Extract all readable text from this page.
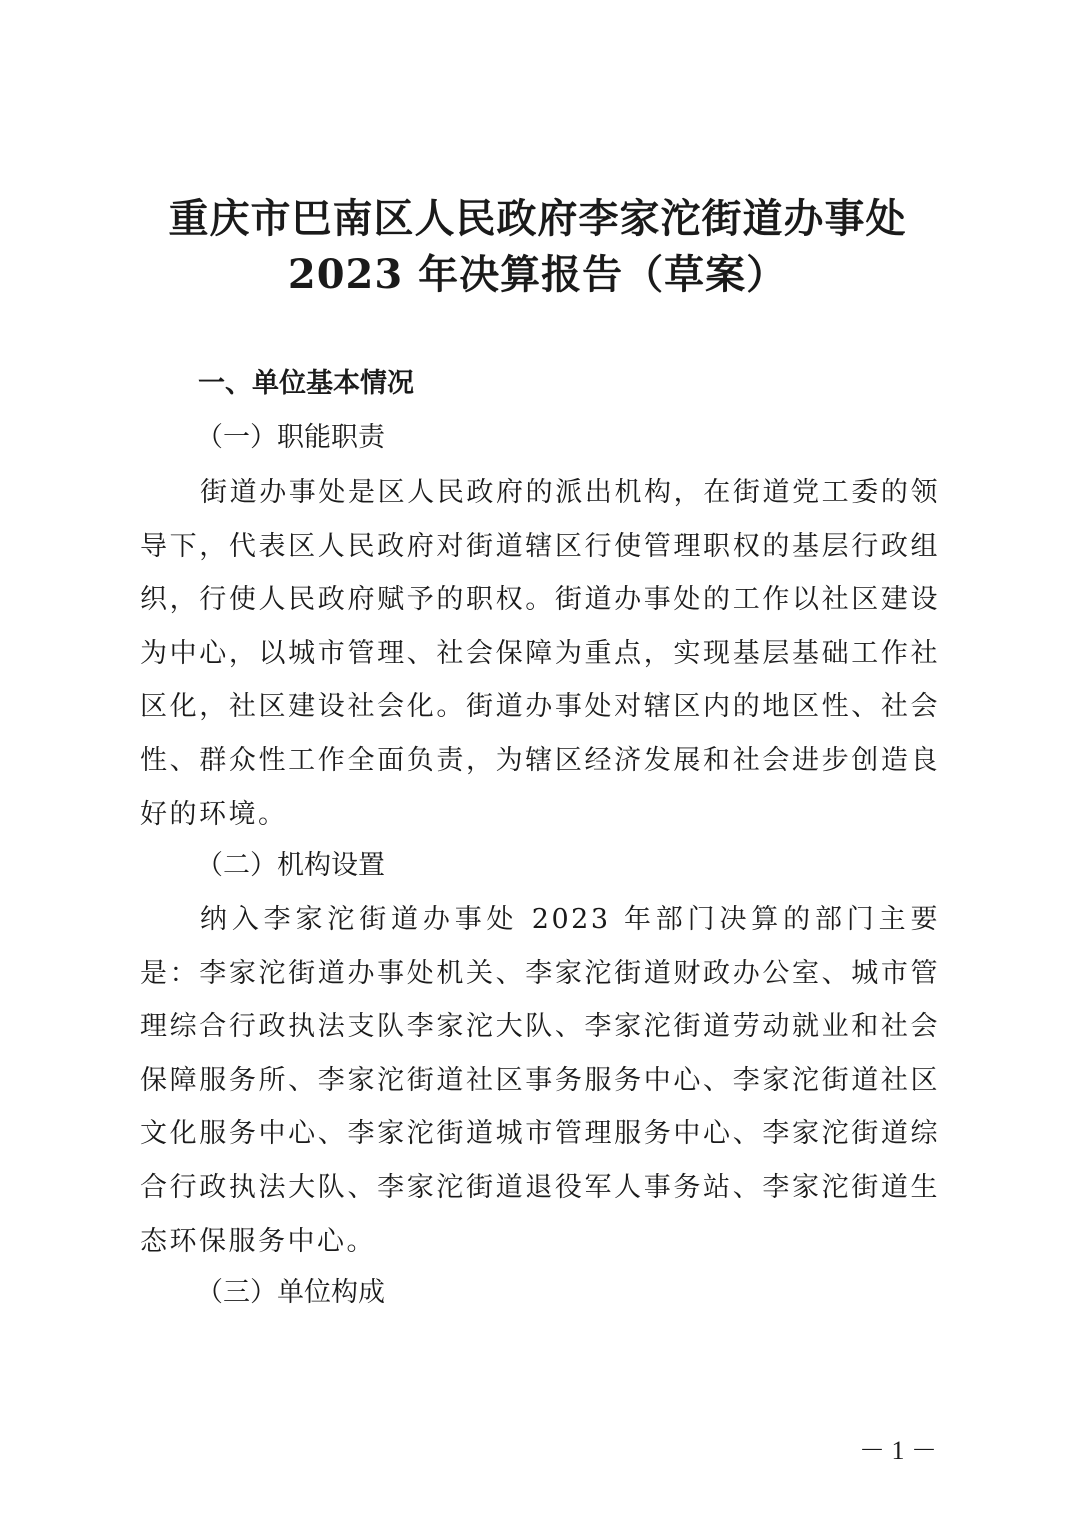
重庆市巴南区人民政府李家沱街道办事处
2023 年决算报告（草案）
一、单位基本情况
（一）职能职责

街道办事处是区人民政府的派出机构，在街道党工委的领导下，代表区人民政府对街道辖区行使管理职权的基层行政组织，行使人民政府赋予的职权。街道办事处的工作以社区建设为中心，以城市管理、社会保障为重点，实现基层基础工作社区化，社区建设社会化。街道办事处对辖区内的地区性、社会性、群众性工作全面负责，为辖区经济发展和社会进步创造良好的环境。

（二）机构设置

纳入李家沱街道办事处 2023 年部门决算的部门主要是：李家沱街道办事处机关、李家沱街道财政办公室、城市管理综合行政执法支队李家沱大队、李家沱街道劳动就业和社会保障服务所、李家沱街道社区事务服务中心、李家沱街道社区文化服务中心、李家沱街道城市管理服务中心、李家沱街道综合行政执法大队、李家沱街道退役军人事务站、李家沱街道生态环保服务中心。

（三）单位构成
－ 1 －
